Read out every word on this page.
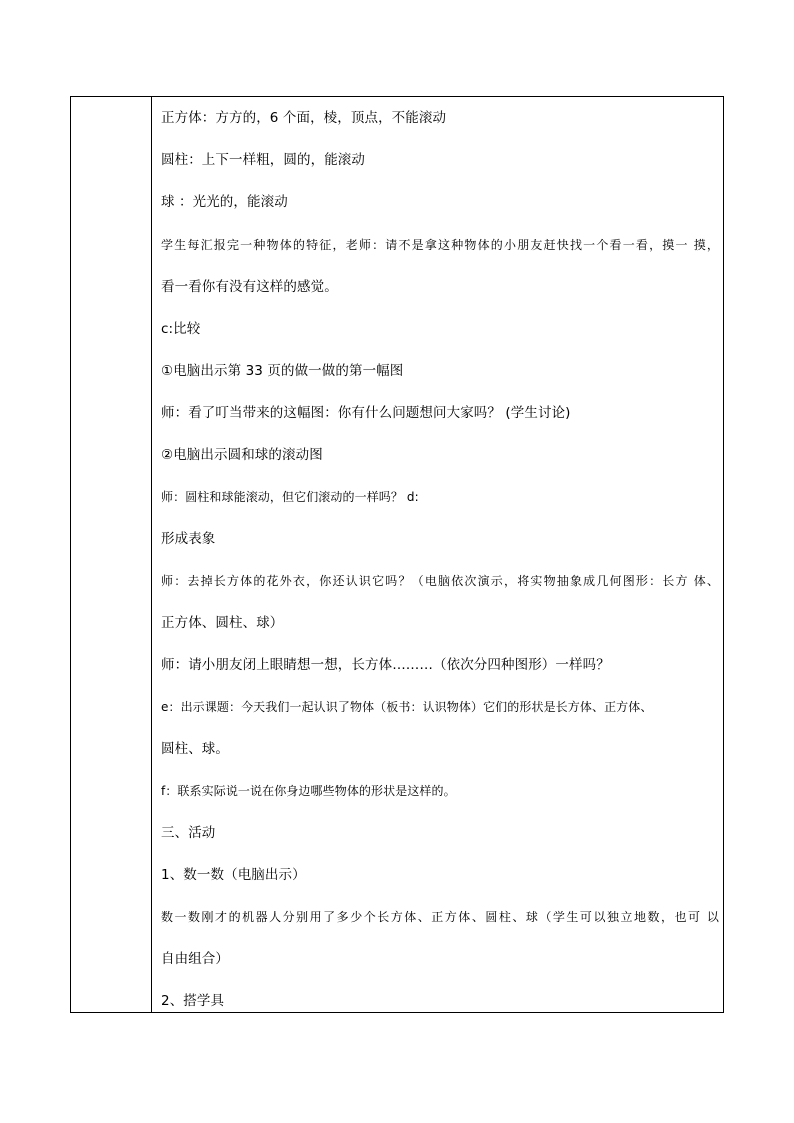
正方体：方方的，6 个面，棱，顶点，不能滚动
圆柱：上下一样粗，圆的，能滚动
球 ：光光的，能滚动
学生每汇报完一种物体的特征，老师：请不是拿这种物体的小朋友赶快找一个看一看，摸一 摸，
看一看你有没有这样的感觉。
c:比较
①电脑出示第 33 页的做一做的第一幅图
师：看了叮当带来的这幅图：你有什么问题想问大家吗？ (学生讨论)
②电脑出示圆和球的滚动图
师：圆柱和球能滚动，但它们滚动的一样吗？ d:
形成表象
师：去掉长方体的花外衣，你还认识它吗？（电脑依次演示，将实物抽象成几何图形：长方 体、
正方体、圆柱、球）
师：请小朋友闭上眼睛想一想，长方体………（依次分四种图形）一样吗？
e：出示课题：今天我们一起认识了物体（板书：认识物体）它们的形状是长方体、正方体、
圆柱、球。
f：联系实际说一说在你身边哪些物体的形状是这样的。
三、活动
1、数一数（电脑出示）
数一数刚才的机器人分别用了多少个长方体、正方体、圆柱、球（学生可以独立地数，也可 以
自由组合）
2、搭学具
